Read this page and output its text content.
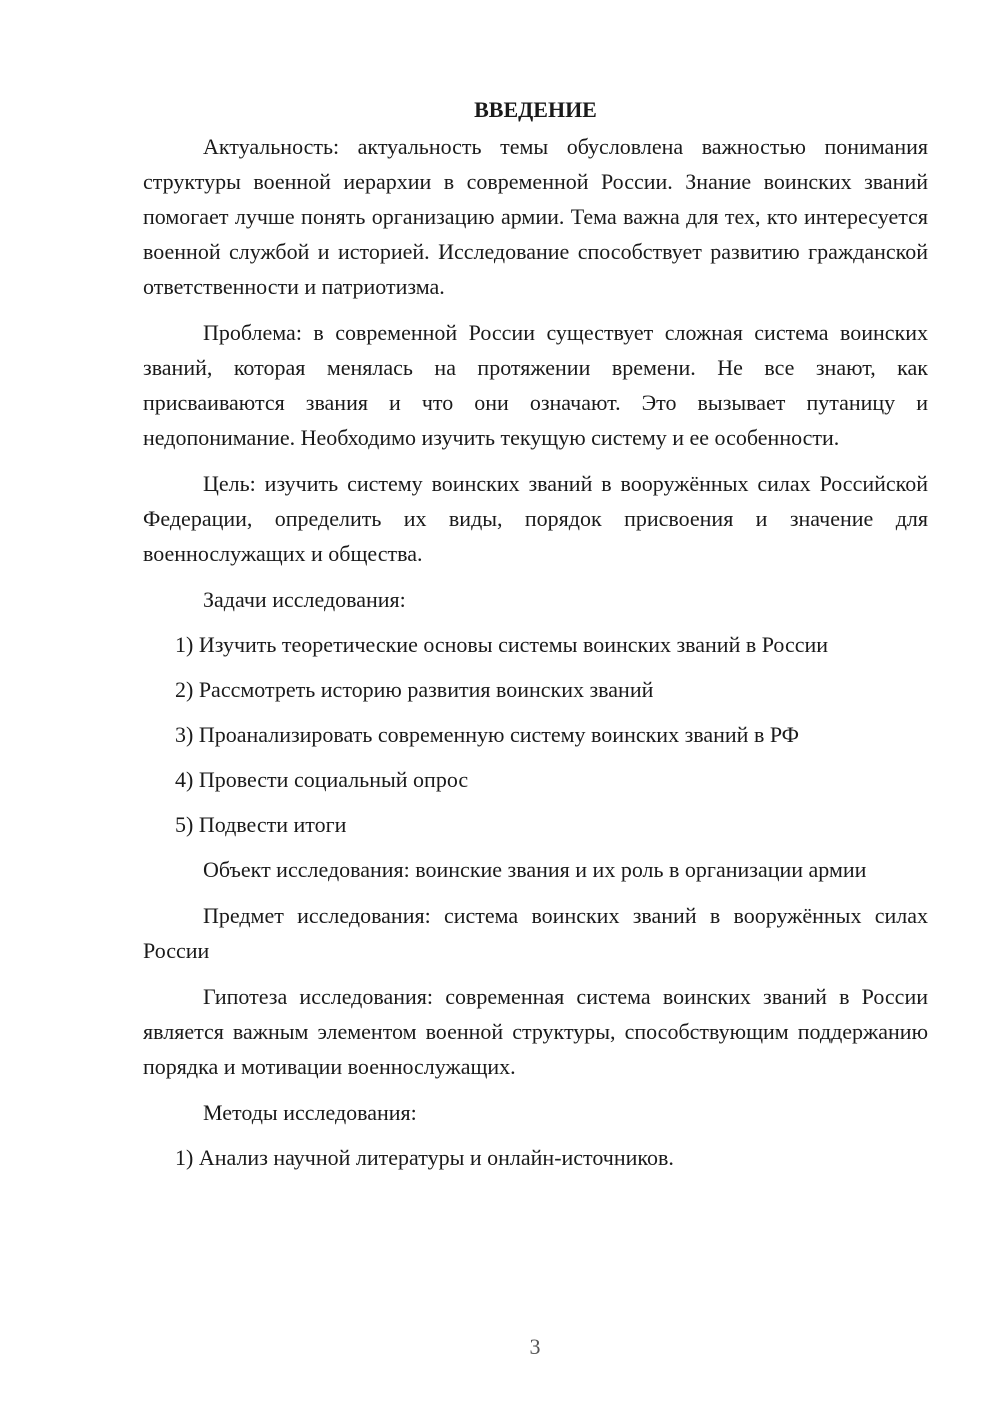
ВВЕДЕНИЕ

Актуальность: актуальность темы обусловлена важностью понимания структуры военной иерархии в современной России. Знание воинских званий помогает лучше понять организацию армии. Тема важна для тех, кто интересуется военной службой и историей. Исследование способствует развитию гражданской ответственности и патриотизма.

Проблема: в современной России существует сложная система воинских званий, которая менялась на протяжении времени. Не все знают, как присваиваются звания и что они означают. Это вызывает путаницу и недопонимание. Необходимо изучить текущую систему и ее особенности.

Цель: изучить систему воинских званий в вооружённых силах Российской Федерации, определить их виды, порядок присвоения и значение для военнослужащих и общества.

Задачи исследования:

1) Изучить теоретические основы системы воинских званий в России
2) Рассмотреть историю развития воинских званий
3) Проанализировать современную систему воинских званий в РФ
4) Провести социальный опрос
5) Подвести итоги

Объект исследования: воинские звания и их роль в организации армии

Предмет исследования: система воинских званий в вооружённых силах России

Гипотеза исследования: современная система воинских званий в России является важным элементом военной структуры, способствующим поддержанию порядка и мотивации военнослужащих.

Методы исследования:

1) Анализ научной литературы и онлайн-источников.
3
